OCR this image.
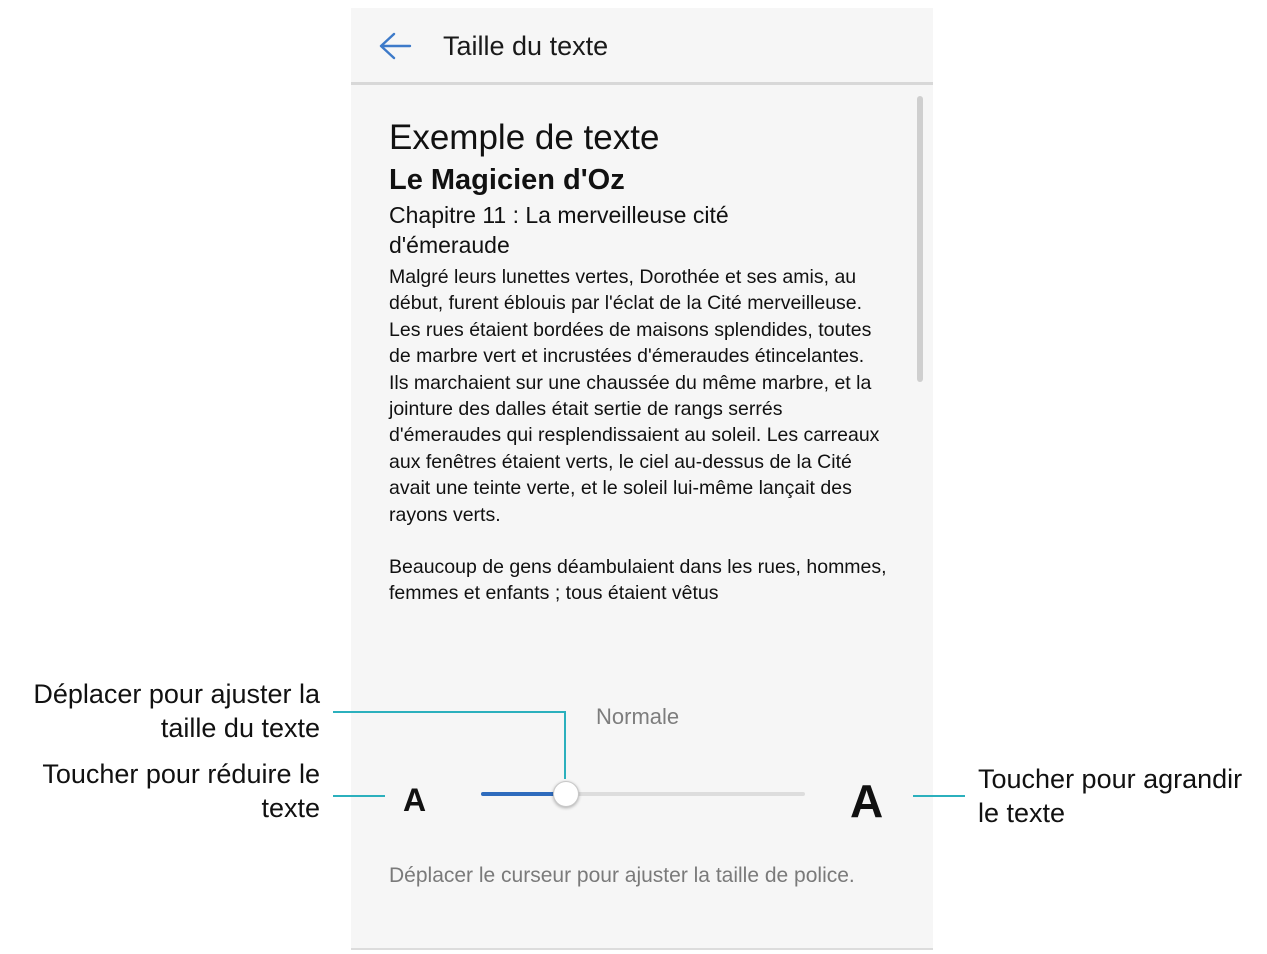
Taille du texte

Exemple de texte

Le Magicien d'Oz

Chapitre 11 : La merveilleuse cité d'émeraude

Malgré leurs lunettes vertes, Dorothée et ses amis, au début, furent éblouis par l'éclat de la Cité merveilleuse. Les rues étaient bordées de maisons splendides, toutes de marbre vert et incrustées d'émeraudes étincelantes. Ils marchaient sur une chaussée du même marbre, et la jointure des dalles était sertie de rangs serrés d'émeraudes qui resplendissaient au soleil. Les carreaux aux fenêtres étaient verts, le ciel au-dessus de la Cité avait une teinte verte, et le soleil lui-même lançait des rayons verts.

Beaucoup de gens déambulaient dans les rues, hommes, femmes et enfants ; tous étaient vêtus

Normale
A	A
Déplacer le curseur pour ajuster la taille de police.
Déplacer pour ajuster la taille du texte
Toucher pour réduire le texte
Toucher pour agrandir le texte
